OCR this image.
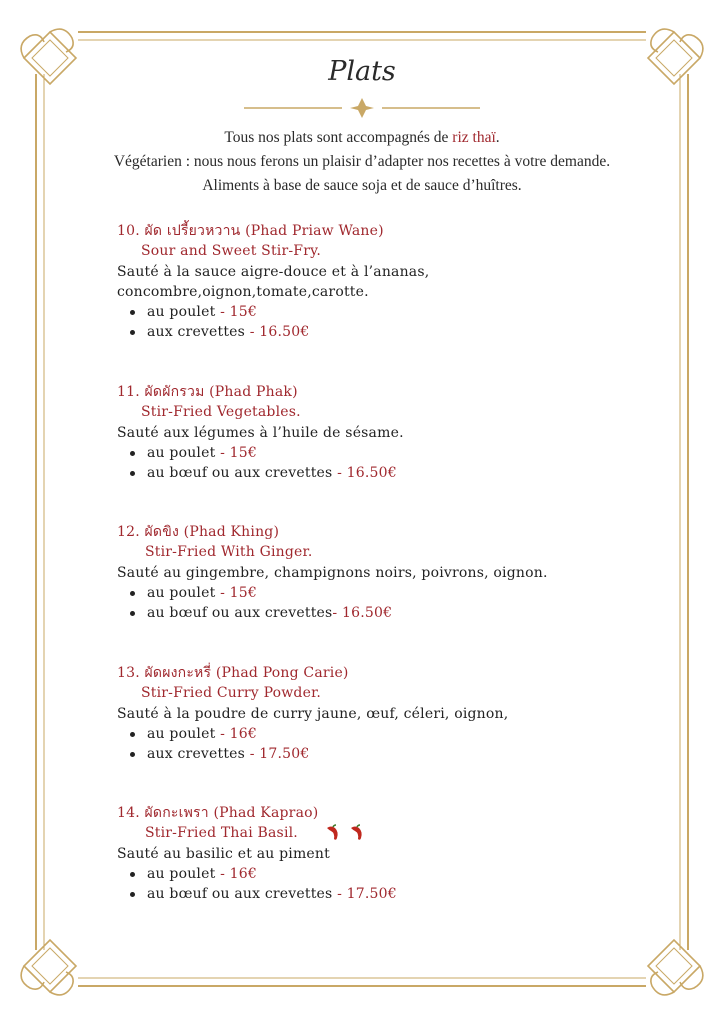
Plats
Tous nos plats sont accompagnés de riz thaï.
Végétarien : nous nous ferons un plaisir d’adapter nos recettes à votre demande.
Aliments à base de sauce soja et de sauce d’huîtres.
10. ผัด เปรี้ยวหวาน (Phad Priaw Wane)
Sour and Sweet Stir-Fry.
Sauté à la sauce aigre-douce et à l’ananas,
concombre,oignon,tomate,carotte.
au poulet - 15€
aux crevettes - 16.50€
11. ผัดผักรวม (Phad Phak)
Stir-Fried Vegetables.
Sauté aux légumes à l’huile de sésame.
au poulet - 15€
au bœuf ou aux crevettes - 16.50€
12. ผัดขิง (Phad Khing)
Stir-Fried With Ginger.
Sauté au gingembre, champignons noirs, poivrons, oignon.
au poulet - 15€
au bœuf ou aux crevettes- 16.50€
13. ผัดผงกะหรี่ (Phad Pong Carie)
Stir-Fried Curry Powder.
Sauté à la poudre de curry jaune, œuf, céleri, oignon,
au poulet - 16€
aux crevettes - 17.50€
14. ผัดกะเพรา (Phad Kaprao)
Stir-Fried Thai Basil.
Sauté au basilic et au piment
au poulet - 16€
au bœuf ou aux crevettes - 17.50€
